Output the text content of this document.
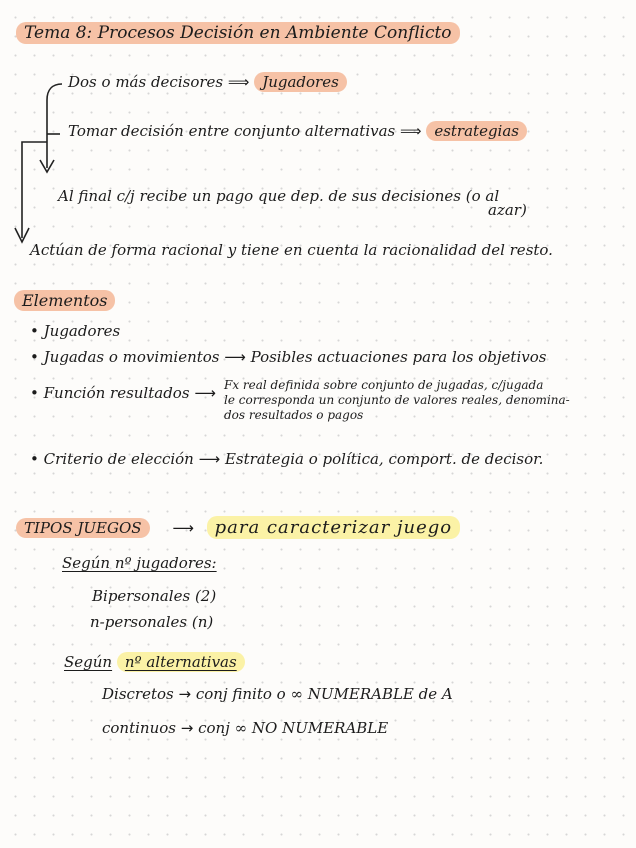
Tema 8: Procesos Decisión en Ambiente Conflicto
Dos o más decisores ⟹ Jugadores
Tomar decisión entre conjunto alternativas ⟹ estrategias
Al final c/j recibe un pago que dep. de sus decisiones (o al
azar)
Actúan de forma racional y tiene en cuenta la racionalidad del resto.
Elementos
• Jugadores
• Jugadas o movimientos ⟶ Posibles actuaciones para los objetivos
• Función resultados ⟶ Fx real definida sobre conjunto de jugadas, c/jugada
le corresponda un conjunto de valores reales, denomina-
dos resultados o pagos
• Criterio de elección ⟶ Estrategia o política, comport. de decisor.
TIPOS JUEGOS ⟶ para caracterizar juego
Según nº jugadores:
Bipersonales (2)
n-personales (n)
Según nº alternativas
Discretos → conj finito o ∞ NUMERABLE de A
continuos → conj ∞ NO NUMERABLE
